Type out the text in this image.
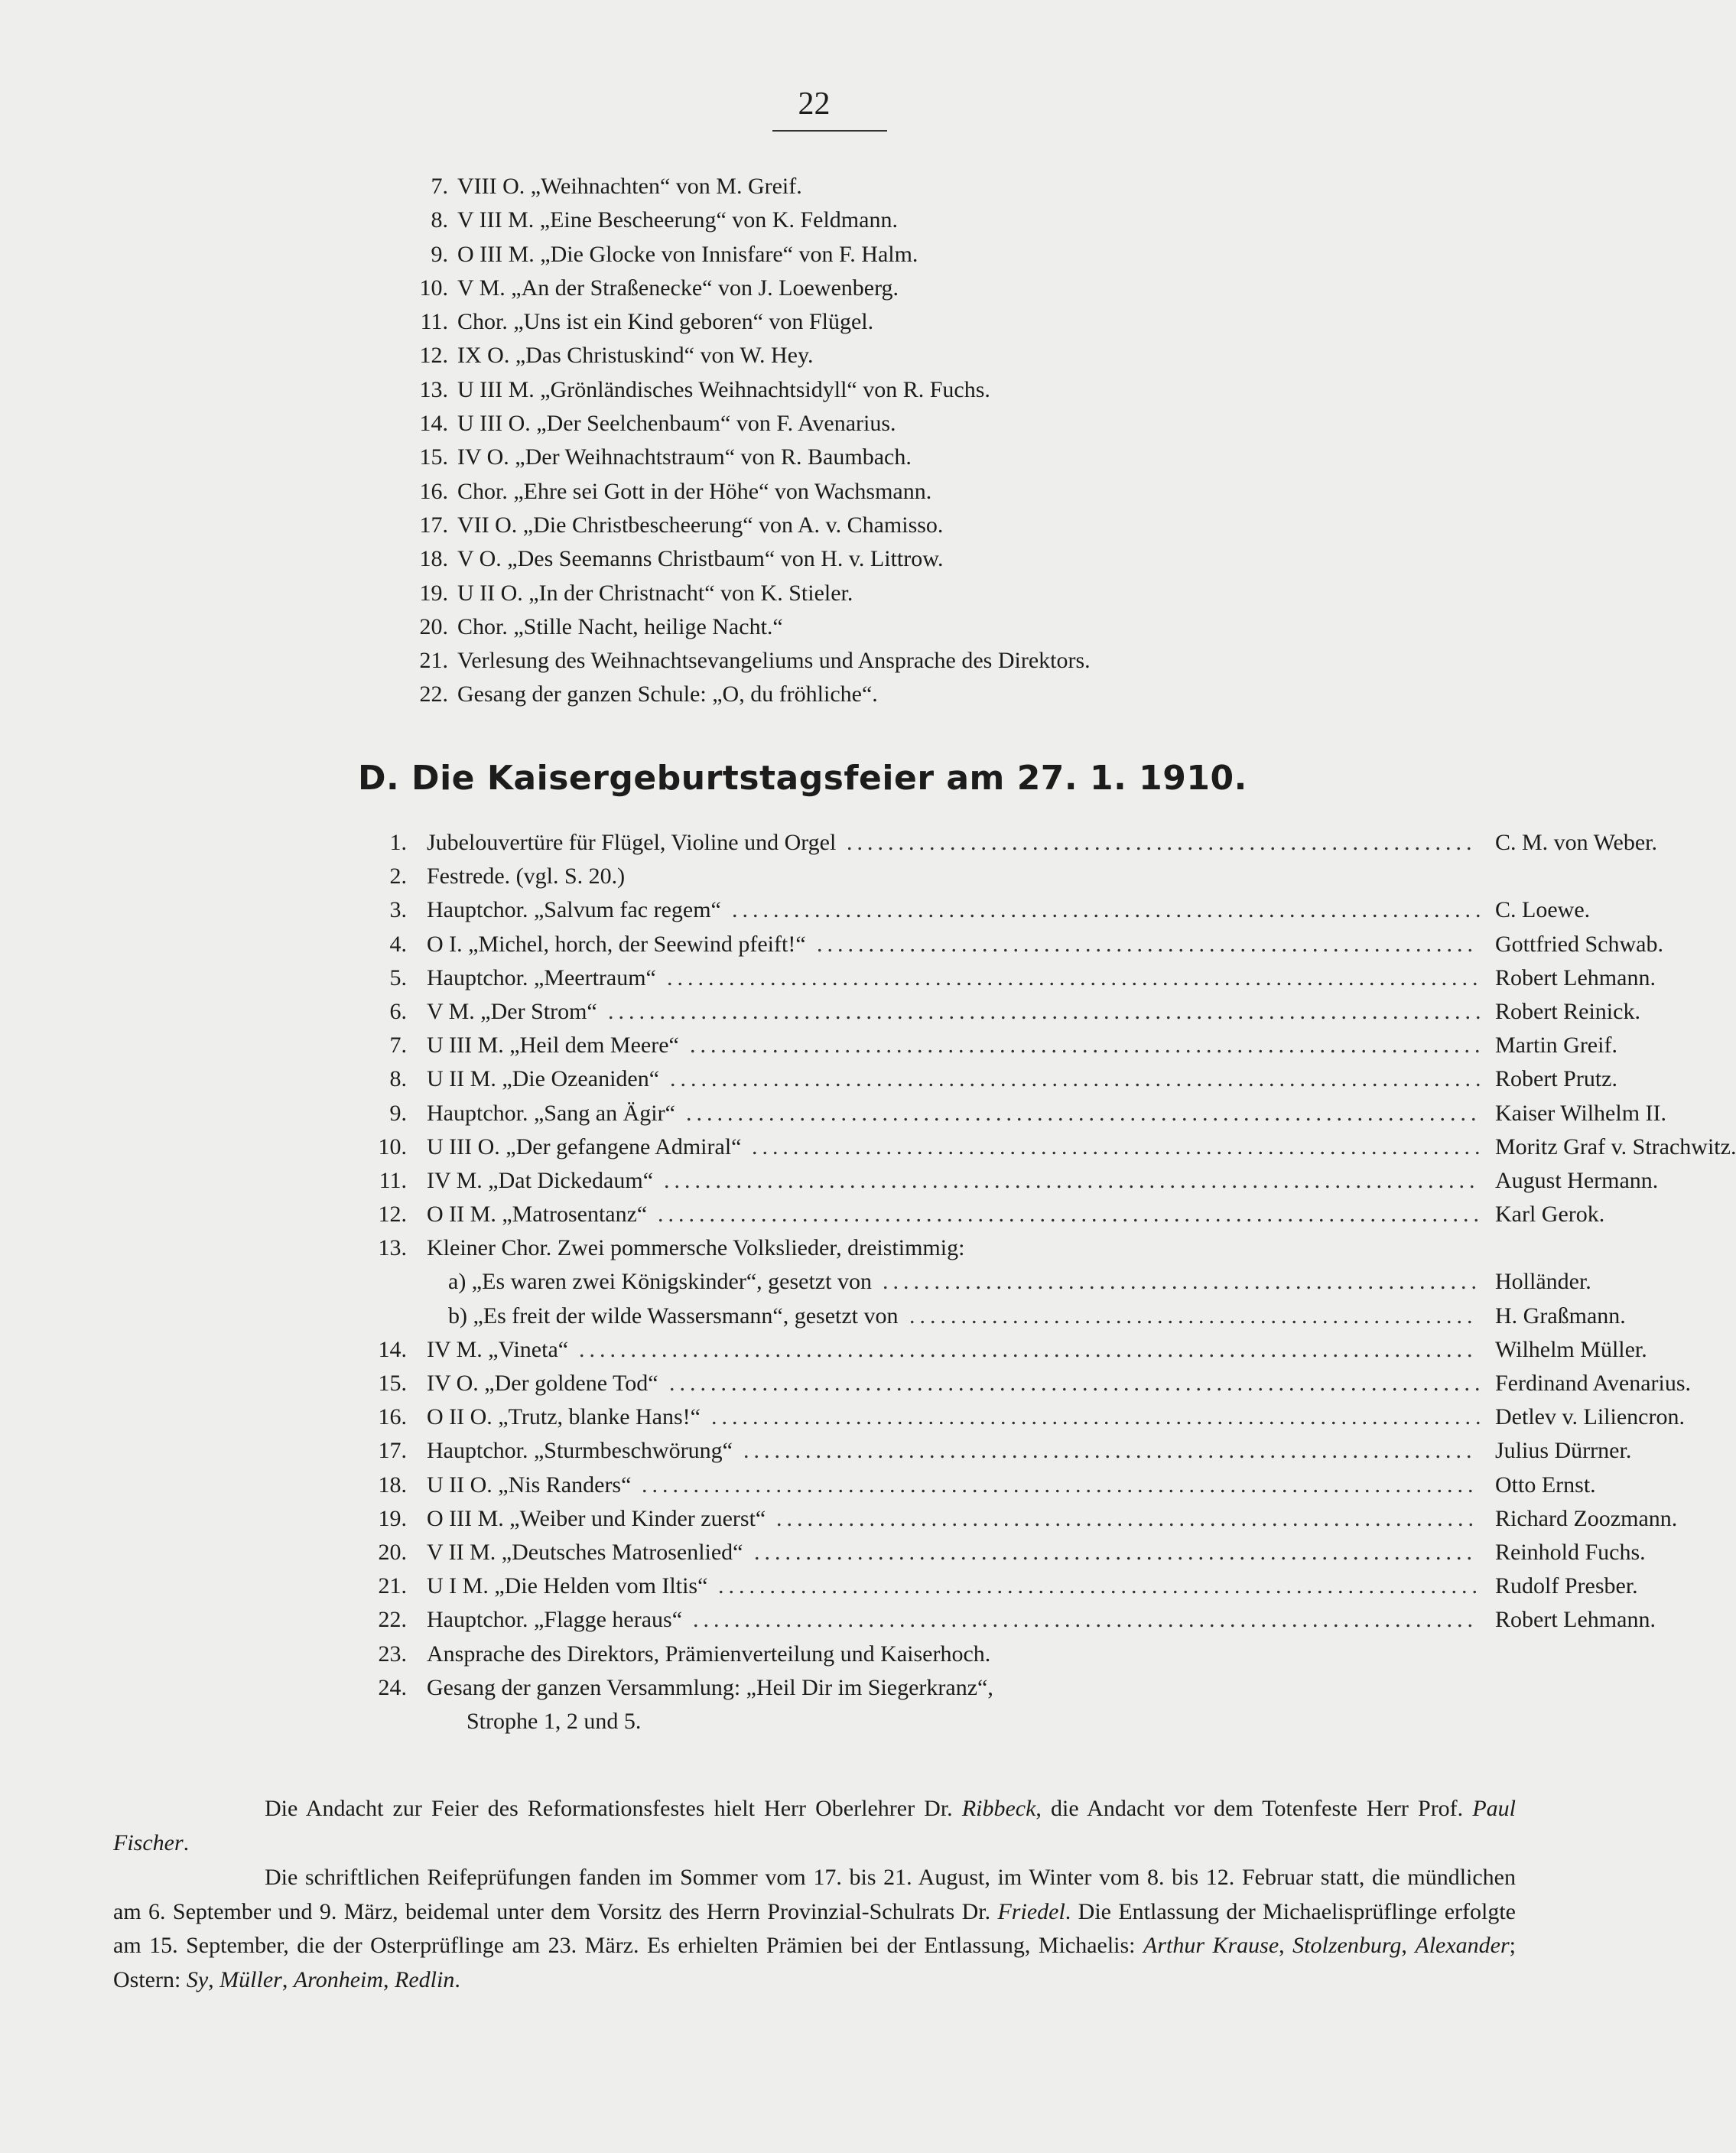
22
7. VIII O. „Weihnachten“ von M. Greif.
8. V III M. „Eine Bescheerung“ von K. Feldmann.
9. O III M. „Die Glocke von Innisfare“ von F. Halm.
10. V M. „An der Straßenecke“ von J. Loewenberg.
11. Chor. „Uns ist ein Kind geboren“ von Flügel.
12. IX O. „Das Christuskind“ von W. Hey.
13. U III M. „Grönländisches Weihnachtsidyll“ von R. Fuchs.
14. U III O. „Der Seelchenbaum“ von F. Avenarius.
15. IV O. „Der Weihnachtstraum“ von R. Baumbach.
16. Chor. „Ehre sei Gott in der Höhe“ von Wachsmann.
17. VII O. „Die Christbescheerung“ von A. v. Chamisso.
18. V O. „Des Seemanns Christbaum“ von H. v. Littrow.
19. U II O. „In der Christnacht“ von K. Stieler.
20. Chor. „Stille Nacht, heilige Nacht.“
21. Verlesung des Weihnachtsevangeliums und Ansprache des Direktors.
22. Gesang der ganzen Schule: „O, du fröhliche“.
D. Die Kaisergeburtstagsfeier am 27. 1. 1910.
1. Jubelouvertüre für Flügel, Violine und Orgel ............................................................. C. M. von Weber.
2. Festrede. (vgl. S. 20.)
3. Hauptchor. „Salvum fac regem“ ......................................................................... C. Loewe.
4. O I. „Michel, horch, der Seewind pfeift!“ ................................................................ Gottfried Schwab.
5. Hauptchor. „Meertraum“ ............................................................................... Robert Lehmann.
6. V M. „Der Strom“ ..................................................................................... Robert Reinick.
7. U III M. „Heil dem Meere“ ............................................................................. Martin Greif.
8. U II M. „Die Ozeaniden“ ............................................................................... Robert Prutz.
9. Hauptchor. „Sang an Ägir“ ............................................................................. Kaiser Wilhelm II.
10. U III O. „Der gefangene Admiral“ ....................................................................... Moritz Graf v. Strachwitz.
11. IV M. „Dat Dickedaum“ ............................................................................... August Hermann.
12. O II M. „Matrosentanz“ ................................................................................ Karl Gerok.
13. Kleiner Chor. Zwei pommersche Volkslieder, dreistimmig:
a) „Es waren zwei Königskinder“, gesetzt von .......................................................... Holländer.
b) „Es freit der wilde Wassersmann“, gesetzt von ....................................................... H. Graßmann.
14. IV M. „Vineta“ ....................................................................................... Wilhelm Müller.
15. IV O. „Der goldene Tod“ ............................................................................... Ferdinand Avenarius.
16. O II O. „Trutz, blanke Hans!“ ........................................................................... Detlev v. Liliencron.
17. Hauptchor. „Sturmbeschwörung“ ....................................................................... Julius Dürrner.
18. U II O. „Nis Randers“ ................................................................................. Otto Ernst.
19. O III M. „Weiber und Kinder zuerst“ .................................................................... Richard Zoozmann.
20. V II M. „Deutsches Matrosenlied“ ...................................................................... Reinhold Fuchs.
21. U I M. „Die Helden vom Iltis“ .......................................................................... Rudolf Presber.
22. Hauptchor. „Flagge heraus“ ............................................................................ Robert Lehmann.
23. Ansprache des Direktors, Prämienverteilung und Kaiserhoch.
24. Gesang der ganzen Versammlung: „Heil Dir im Siegerkranz“,
Strophe 1, 2 und 5.

Die Andacht zur Feier des Reformationsfestes hielt Herr Oberlehrer Dr. Ribbeck, die Andacht vor dem Totenfeste Herr Prof. Paul Fischer.

Die schriftlichen Reifeprüfungen fanden im Sommer vom 17. bis 21. August, im Winter vom 8. bis 12. Februar statt, die mündlichen am 6. September und 9. März, beidemal unter dem Vorsitz des Herrn Provinzial-Schulrats Dr. Friedel. Die Entlassung der Michaelisprüflinge erfolgte am 15. September, die der Osterprüflinge am 23. März. Es erhielten Prämien bei der Entlassung, Michaelis: Arthur Krause, Stolzenburg, Alexander; Ostern: Sy, Müller, Aronheim, Redlin.
